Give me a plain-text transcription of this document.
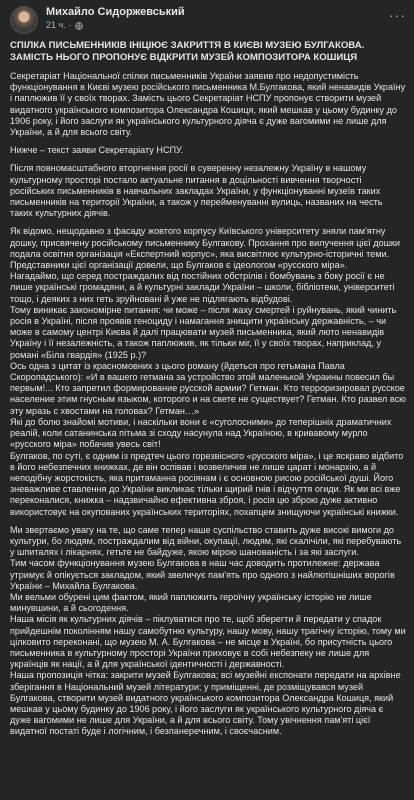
Михайло Сидоржевський
21 ч. ·
···
СПІЛКА ПИСЬМЕННИКІВ ІНІЦІЮЄ ЗАКРИТТЯ В КИЄВІ МУЗЕЮ БУЛГАКОВА. ЗАМІСТЬ НЬОГО ПРОПОНУЄ ВІДКРИТИ МУЗЕЙ КОМПОЗИТОРА КОШИЦЯ
Секретаріат Національної спілки письменників України заявив про недопустимість функціонування в Києві музею російського письменника М.Булгакова, який ненавидів Україну і паплюжив її у своїх творах. Замість цього Секретаріат НСПУ пропонує створити музей видатного українського композитора Олександра Кошиця, який мешкав у цьому будинку до 1906 року, і його заслуги як українського культурного діяча є дуже вагомими не лише для України, а й для всього світу.
Нижче – текст заяви Секретаріату НСПУ.
Після повномасштабного вторгнення росії в суверенну незалежну Україну в нашому культурному просторі постало актуальне питання в доцільності вивчення творчості російських письменників в навчальних закладах України, у функціонуванні музеїв таких письменників на території України, а також у перейменуванні вулиць, названих на честь таких культурних діячів.
Як відомо, нещодавно з фасаду жовтого корпусу Київського університету зняли пам'ятну дошку, присвячену російському письменнику Булгакову. Прохання про вилучення цієї дошки подала освітня організація «Експертний корпус», яка висвітлює культурно-історичні теми. Представники цієї організації довели, що Булгаков є ідеологом «русского міра».
Нагадаймо, що серед постраждалих від постійних обстрілів і бомбувань з боку росії є не лише українські громадяни, а й культурні заклади України – школи, бібліотеки, університеті тощо, і деяких з них геть зруйновані й уже не підлягають відбудові.
Тому виникає закономірне питання: чи може – після жаху смертей і руйнувань, який чинить росія в Україні, після проявів геноциду і намагання знищити українську державність, – чи може в самому центрі Києва й далі працювати музей письменника, який люто ненавидів Україну і її незалежність, а також паплюжив, як тільки міг, її у своїх творах, наприклад, у романі «Біла гвардія» (1925 р.)?
Ось одна з цитат із красномовних з цього роману (йдеться про гетьмана Павла Скоропадського): «И в вашего гетмана за устройство этой маленькой Украины повесил бы первым!... Кто запретил формирование русской армии? Гетман. Кто терроризировал русское население этим гнусным языком, которого и на свете не существует? Гетман. Кто развел всю эту мразь с хвостами на головах? Гетман…»
Які до болю знайомі мотиви, і наскільки вони є «суголосними» до теперішніх драматичних реалій, коли сатанинська пітьма зі сходу насунула над Україною, в кривавому мурло «русского міра» побачив увесь світ!
Булгаков, по суті, є одним із предтеч цього горезвісного «русского міра», і це яскраво відбито в його небезпечних книжках, де він оспівав і возвеличив не лише царат і монархію, а й неподібну жорстокість, яка притаманна росіянам і є основною рисою російської душі. Його зневажливе ставлення до України викликає тільки щирий гнів і відчуття огиди. Як ми всі вже переконалися, книжка – надзвичайно ефективна зброя, і росія цю зброю дуже активно використовує на окупованих українських територіях, похапцем знищуючи українські книжки.
Ми звертаємо увагу на те, що саме тепер наше суспільство ставить дуже високі вимоги до культури, бо людям, постраждалим від війни, окупації, людям, які скалічіли, які перебувають у шпиталях і лікарнях, гетьте не байдуже, якою мірою шанованість і за які заслуги.
Тим часом функціонування музею Булгакова в наш час доводить протилежне: держава утримує й опікується закладом, який звеличує пам'ять про одного з найлютішніших ворогів України – Михайла Булгакова.
Ми вельми обурені цим фактом, який паплюжить героїчну українську історію не лише минувшини, а й сьогодення.
Наша місія як культурних діячів – піклуватися про те, щоб зберегти й передати у спадок прийдешнім поколінням нашу самобутню культуру, нашу мову, нашу трагічну історію, тому ми цілковито переконані, що музею М. А. Булгакова – не місце в Україні, бо присутність цього письменника в культурному просторі України приховує в собі небезпеку не лише для українців як нації, а й для української ідентичності і державності.
Наша пропозиція чітка: закрити музей Булгакова; всі музейні експонати передати на архівне зберігання в Національний музей літератури; у приміщенні, де розміщувався музей Булгакова, створити музей видатного українського композитора Олександра Кошиця, який мешкав у цьому будинку до 1906 року, і його заслуги як українського культурного діяча є дуже вагомими не лише для України, а й для всього світу. Тому увічнення пам'яті цієї видатної постаті буде і логічним, і безпанеречним, і своєчасним.
